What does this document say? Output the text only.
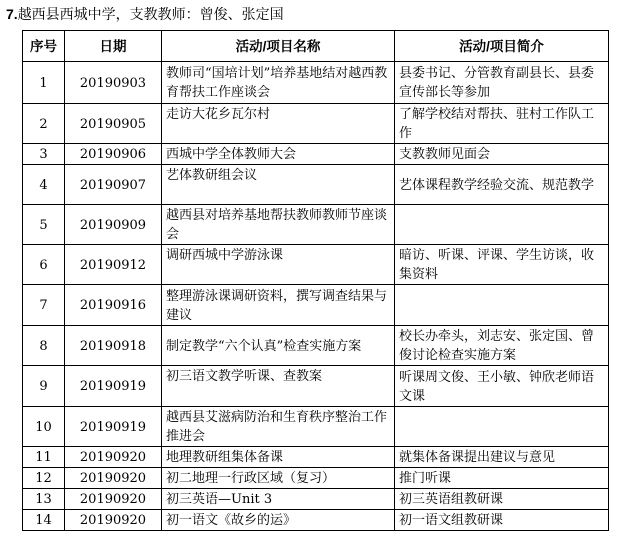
7.越西县西城中学，支教教师：曾俊、张定国
序号	日期	活动/项目名称	活动/项目简介
1	20190903	教师司“国培计划”培养基地结对越西教育帮扶工作座谈会	县委书记、分管教育副县长、县委宣传部长等参加
2	20190905	走访大花乡瓦尔村	了解学校结对帮扶、驻村工作队工作
3	20190906	西城中学全体教师大会	支教教师见面会
4	20190907	艺体教研组会议	艺体课程教学经验交流、规范教学
5	20190909	越西县对培养基地帮扶教师教师节座谈会	
6	20190912	调研西城中学游泳课	暗访、听课、评课、学生访谈，收集资料
7	20190916	整理游泳课调研资料，撰写调查结果与建议	
8	20190918	制定教学“六个认真”检查实施方案	校长办牵头，刘志安、张定国、曾俊讨论检查实施方案
9	20190919	初三语文教学听课、查教案	听课周文俊、王小敏、钟欣老师语文课
10	20190919	越西县艾滋病防治和生育秩序整治工作推进会	
11	20190920	地理教研组集体备课	就集体备课提出建议与意见
12	20190920	初二地理一行政区域（复习）	推门听课
13	20190920	初三英语—Unit 3	初三英语组教研课
14	20190920	初一语文《故乡的运》	初一语文组教研课
